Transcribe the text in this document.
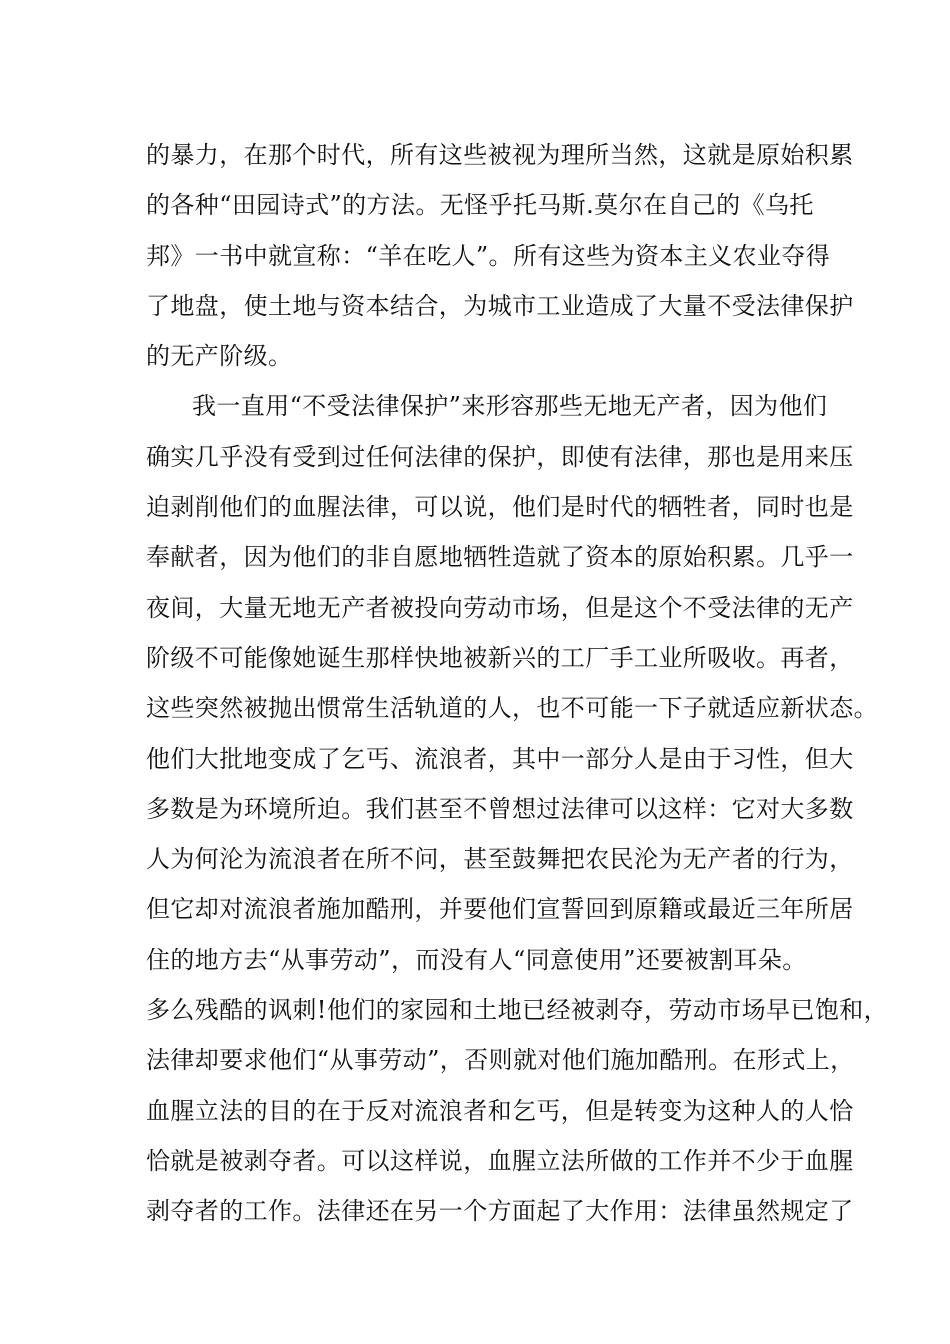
的暴力，在那个时代，所有这些被视为理所当然，这就是原始积累
的各种“田园诗式”的方法。无怪乎托马斯.莫尔在自己的《乌托
邦》一书中就宣称：“羊在吃人”。所有这些为资本主义农业夺得
了地盘，使土地与资本结合，为城市工业造成了大量不受法律保护
的无产阶级。
我一直用“不受法律保护”来形容那些无地无产者，因为他们
确实几乎没有受到过任何法律的保护，即使有法律，那也是用来压
迫剥削他们的血腥法律，可以说，他们是时代的牺牲者，同时也是
奉献者，因为他们的非自愿地牺牲造就了资本的原始积累。几乎一
夜间，大量无地无产者被投向劳动市场，但是这个不受法律的无产
阶级不可能像她诞生那样快地被新兴的工厂手工业所吸收。再者，
这些突然被抛出惯常生活轨道的人，也不可能一下子就适应新状态。
他们大批地变成了乞丐、流浪者，其中一部分人是由于习性，但大
多数是为环境所迫。我们甚至不曾想过法律可以这样：它对大多数
人为何沦为流浪者在所不问，甚至鼓舞把农民沦为无产者的行为，
但它却对流浪者施加酷刑，并要他们宣誓回到原籍或最近三年所居
住的地方去“从事劳动”，而没有人“同意使用”还要被割耳朵。
多么残酷的讽刺!他们的家园和土地已经被剥夺，劳动市场早已饱和，
法律却要求他们“从事劳动”，否则就对他们施加酷刑。在形式上，
血腥立法的目的在于反对流浪者和乞丐，但是转变为这种人的人恰
恰就是被剥夺者。可以这样说，血腥立法所做的工作并不少于血腥
剥夺者的工作。法律还在另一个方面起了大作用：法律虽然规定了
